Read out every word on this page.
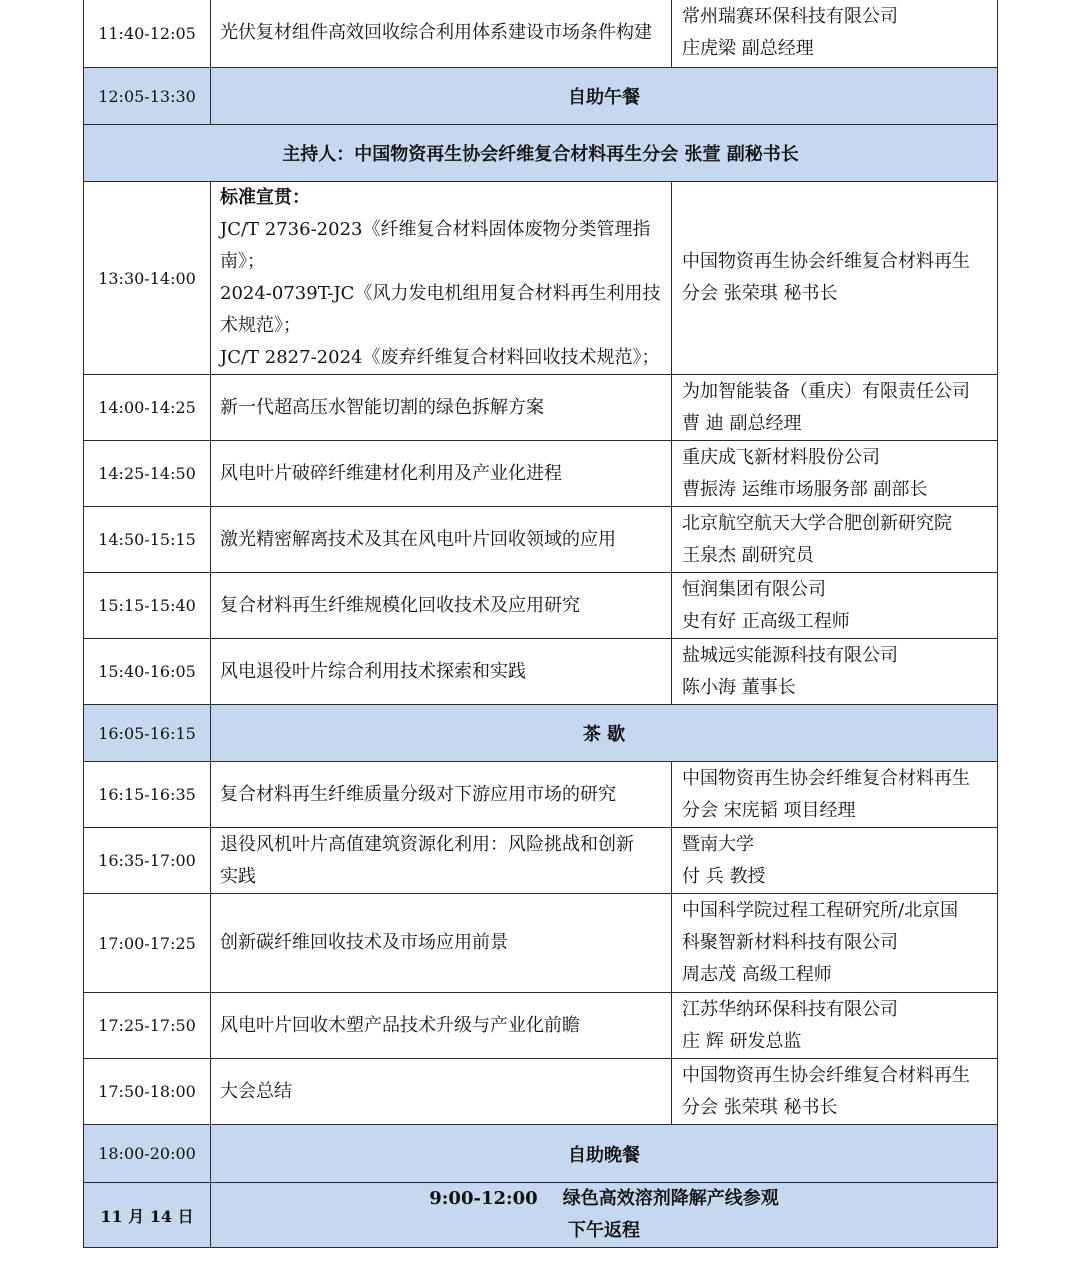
11:40-12:05	光伏复材组件高效回收综合利用体系建设市场条件构建	常州瑞赛环保科技有限公司
庄虎梁 副总经理

12:05-13:30	自助午餐	
主持人：中国物资再生协会纤维复合材料再生分会 张萱 副秘书长		
13:30-14:00	标准宣贯：
JC/T 2736-2023《纤维复合材料固体废物分类管理指南》；
2024-0739T-JC《风力发电机组用复合材料再生利用技
术规范》；
JC/T 2827-2024《废弃纤维复合材料回收技术规范》；	中国物资再生协会纤维复合材料再生
分会 张荣琪 秘书长

14:00-14:25	新一代超高压水智能切割的绿色拆解方案	为加智能装备（重庆）有限责任公司
曹 迪 副总经理

14:25-14:50	风电叶片破碎纤维建材化利用及产业化进程	重庆成飞新材料股份公司
曹振涛 运维市场服务部 副部长

14:50-15:15	激光精密解离技术及其在风电叶片回收领域的应用	北京航空航天大学合肥创新研究院
王泉杰 副研究员

15:15-15:40	复合材料再生纤维规模化回收技术及应用研究	恒润集团有限公司
史有好 正高级工程师

15:40-16:05	风电退役叶片综合利用技术探索和实践	盐城远实能源科技有限公司
陈小海 董事长

16:05-16:15	茶 歇	
16:15-16:35	复合材料再生纤维质量分级对下游应用市场的研究	中国物资再生协会纤维复合材料再生
分会 宋庑韬 项目经理

16:35-17:00	退役风机叶片高值建筑资源化利用：风险挑战和创新
实践	暨南大学
付 兵 教授

17:00-17:25	创新碳纤维回收技术及市场应用前景	中国科学院过程工程研究所/北京国
科聚智新材料科技有限公司
周志茂 高级工程师

17:25-17:50	风电叶片回收木塑产品技术升级与产业化前瞻	江苏华纳环保科技有限公司
庄 辉 研发总监

17:50-18:00	大会总结	中国物资再生协会纤维复合材料再生
分会 张荣琪 秘书长

18:00-20:00	自助晚餐	
11 月 14 日	9:00-12:00    绿色高效溶剂降解产线参观
下午返程	
